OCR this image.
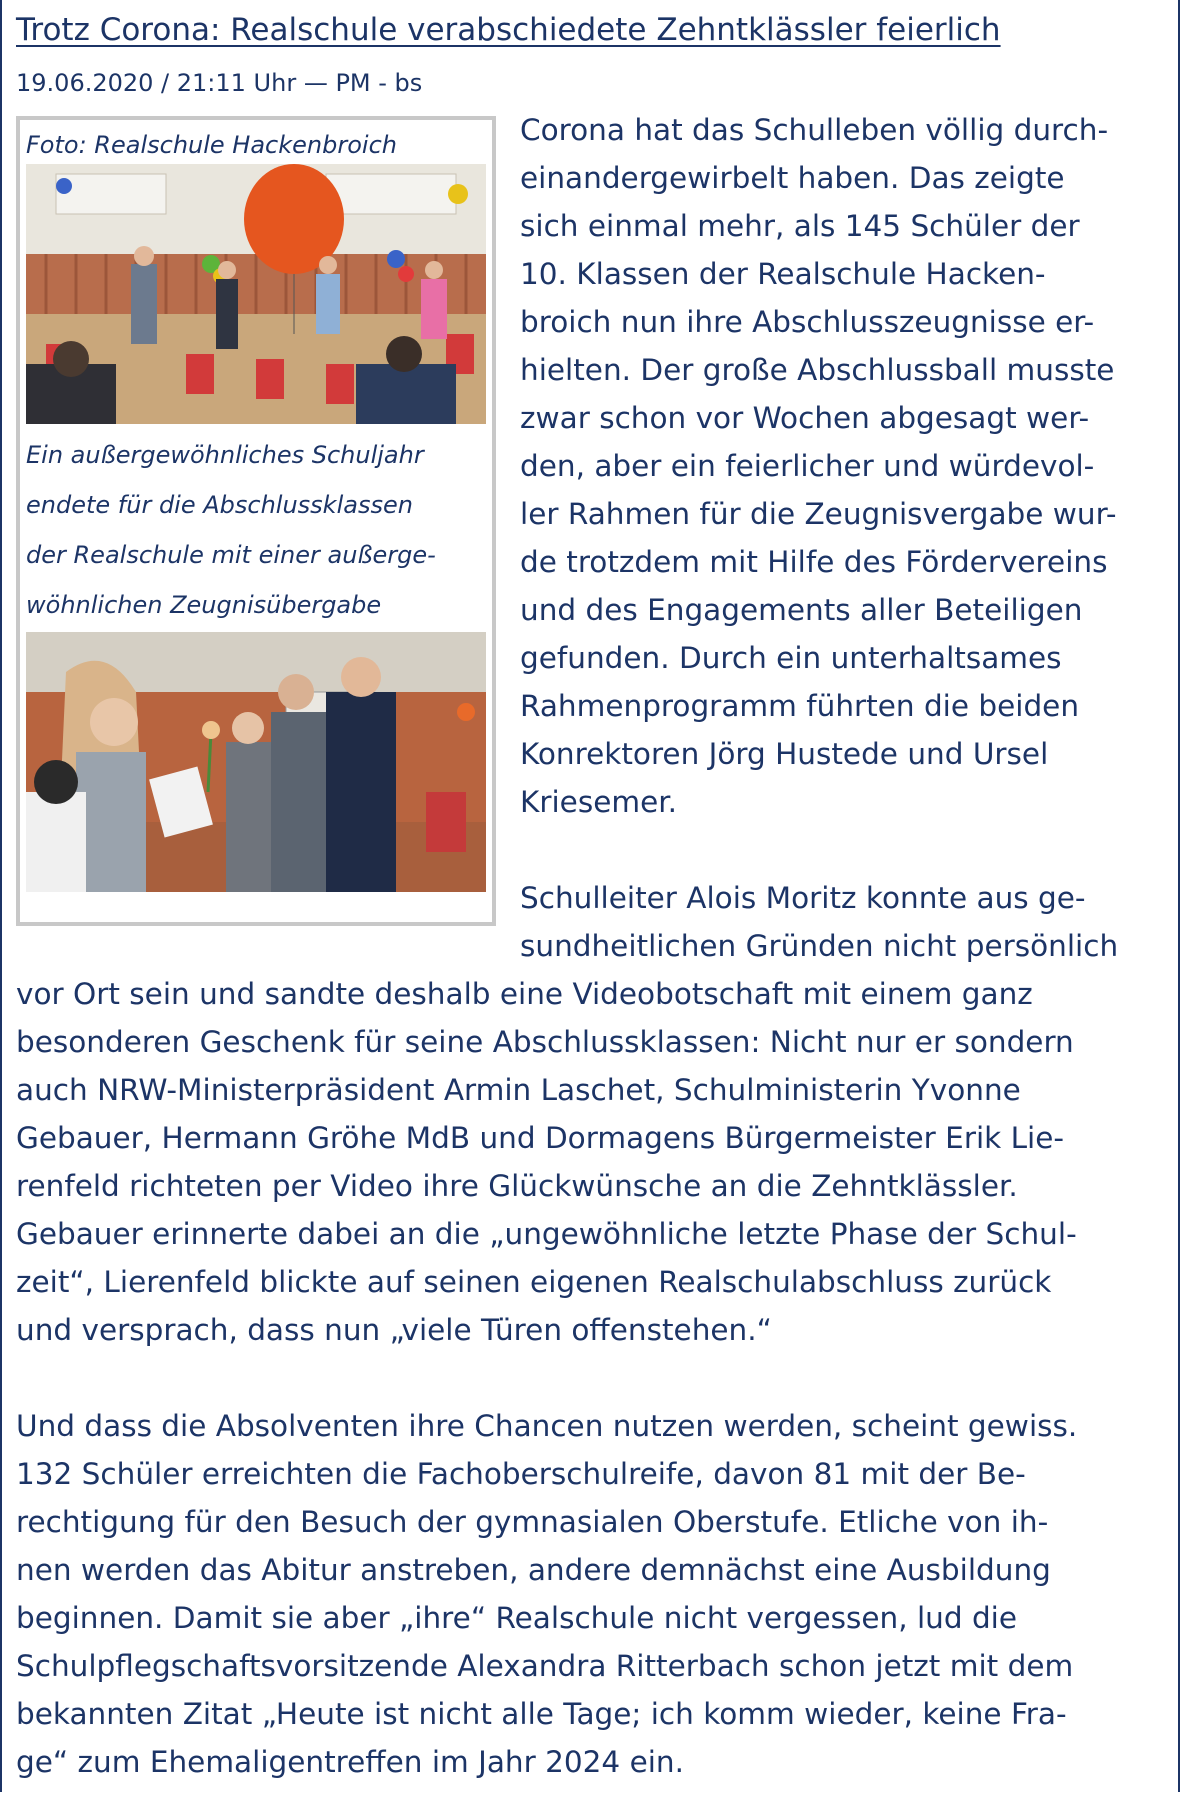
Trotz Corona: Realschule verabschiedete Zehntklässler feierlich
19.06.2020 / 21:11 Uhr — PM - bs
Foto: Realschule Hackenbroich
Ein außergewöhnliches Schuljahr
endete für die Abschlussklassen
der Realschule mit einer außerge-
wöhnlichen Zeugnisübergabe

Corona hat das Schulleben völlig durch-
einandergewirbelt haben. Das zeigte
sich einmal mehr, als 145 Schüler der
10. Klassen der Realschule Hacken-
broich nun ihre Abschlusszeugnisse er-
hielten. Der große Abschlussball musste
zwar schon vor Wochen abgesagt wer-
den, aber ein feierlicher und würdevol-
ler Rahmen für die Zeugnisvergabe wur-
de trotzdem mit Hilfe des Fördervereins
und des Engagements aller Beteiligen
gefunden. Durch ein unterhaltsames
Rahmenprogramm führten die beiden
Konrektoren Jörg Hustede und Ursel
Kriesemer.

Schulleiter Alois Moritz konnte aus ge-
sundheitlichen Gründen nicht persönlich
vor Ort sein und sandte deshalb eine Videobotschaft mit einem ganz
besonderen Geschenk für seine Abschlussklassen: Nicht nur er sondern
auch NRW-Ministerpräsident Armin Laschet, Schulministerin Yvonne
Gebauer, Hermann Gröhe MdB und Dormagens Bürgermeister Erik Lie-
renfeld richteten per Video ihre Glückwünsche an die Zehntklässler.
Gebauer erinnerte dabei an die „ungewöhnliche letzte Phase der Schul-
zeit“, Lierenfeld blickte auf seinen eigenen Realschulabschluss zurück
und versprach, dass nun „viele Türen offenstehen.“

Und dass die Absolventen ihre Chancen nutzen werden, scheint gewiss.
132 Schüler erreichten die Fachoberschulreife, davon 81 mit der Be-
rechtigung für den Besuch der gymnasialen Oberstufe. Etliche von ih-
nen werden das Abitur anstreben, andere demnächst eine Ausbildung
beginnen. Damit sie aber „ihre“ Realschule nicht vergessen, lud die
Schulpflegschaftsvorsitzende Alexandra Ritterbach schon jetzt mit dem
bekannten Zitat „Heute ist nicht alle Tage; ich komm wieder, keine Fra-
ge“ zum Ehemaligentreffen im Jahr 2024 ein.
